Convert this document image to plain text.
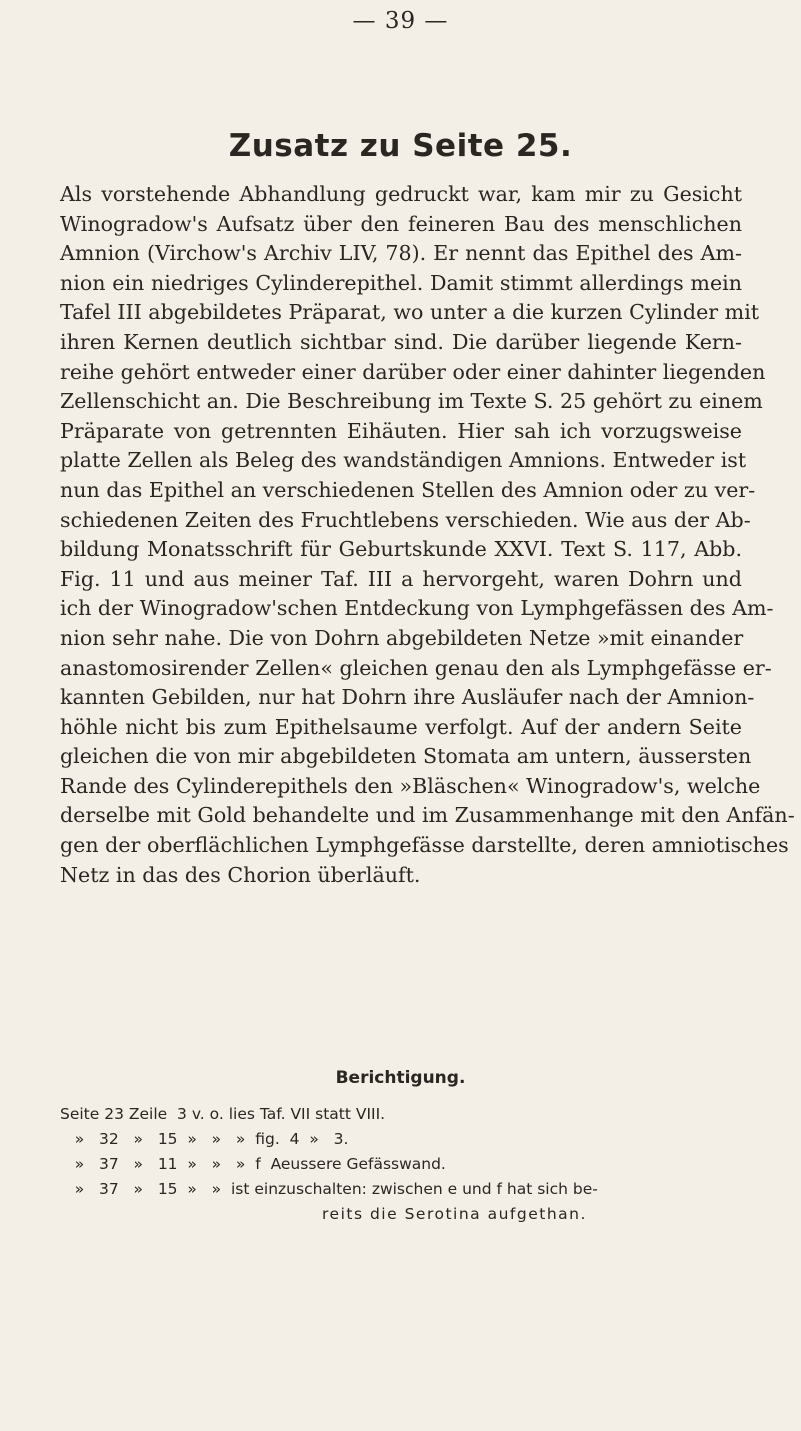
— 39 —
Zusatz zu Seite 25.
Als vorstehende Abhandlung gedruckt war, kam mir zu Gesicht
Winogradow's Aufsatz über den feineren Bau des menschlichen
Amnion (Virchow's Archiv LIV, 78). Er nennt das Epithel des Am-
nion ein niedriges Cylinderepithel. Damit stimmt allerdings mein
Tafel III abgebildetes Präparat, wo unter a die kurzen Cylinder mit
ihren Kernen deutlich sichtbar sind. Die darüber liegende Kern-
reihe gehört entweder einer darüber oder einer dahinter liegenden
Zellenschicht an. Die Beschreibung im Texte S. 25 gehört zu einem
Präparate von getrennten Eihäuten. Hier sah ich vorzugsweise
platte Zellen als Beleg des wandständigen Amnions. Entweder ist
nun das Epithel an verschiedenen Stellen des Amnion oder zu ver-
schiedenen Zeiten des Fruchtlebens verschieden. Wie aus der Ab-
bildung Monatsschrift für Geburtskunde XXVI. Text S. 117, Abb.
Fig. 11 und aus meiner Taf. III a hervorgeht, waren Dohrn und
ich der Winogradow'schen Entdeckung von Lymphgefässen des Am-
nion sehr nahe. Die von Dohrn abgebildeten Netze »mit einander
anastomosirender Zellen« gleichen genau den als Lymphgefässe er-
kannten Gebilden, nur hat Dohrn ihre Ausläufer nach der Amnion-
höhle nicht bis zum Epithelsaume verfolgt. Auf der andern Seite
gleichen die von mir abgebildeten Stomata am untern, äussersten
Rande des Cylinderepithels den »Bläschen« Winogradow's, welche
derselbe mit Gold behandelte und im Zusammenhange mit den Anfän-
gen der oberflächlichen Lymphgefässe darstellte, deren amniotisches
Netz in das des Chorion überläuft.
Berichtigung.
Seite 23 Zeile  3 v. o. lies Taf. VII statt VIII.
»   32   »   15  »   »   »  fig.  4  »   3.
»   37   »   11  »   »   »  f  Aeussere Gefässwand.
»   37   »   15  »   »  ist einzuschalten: zwischen e und f hat sich be-
reits die Serotina aufgethan.
